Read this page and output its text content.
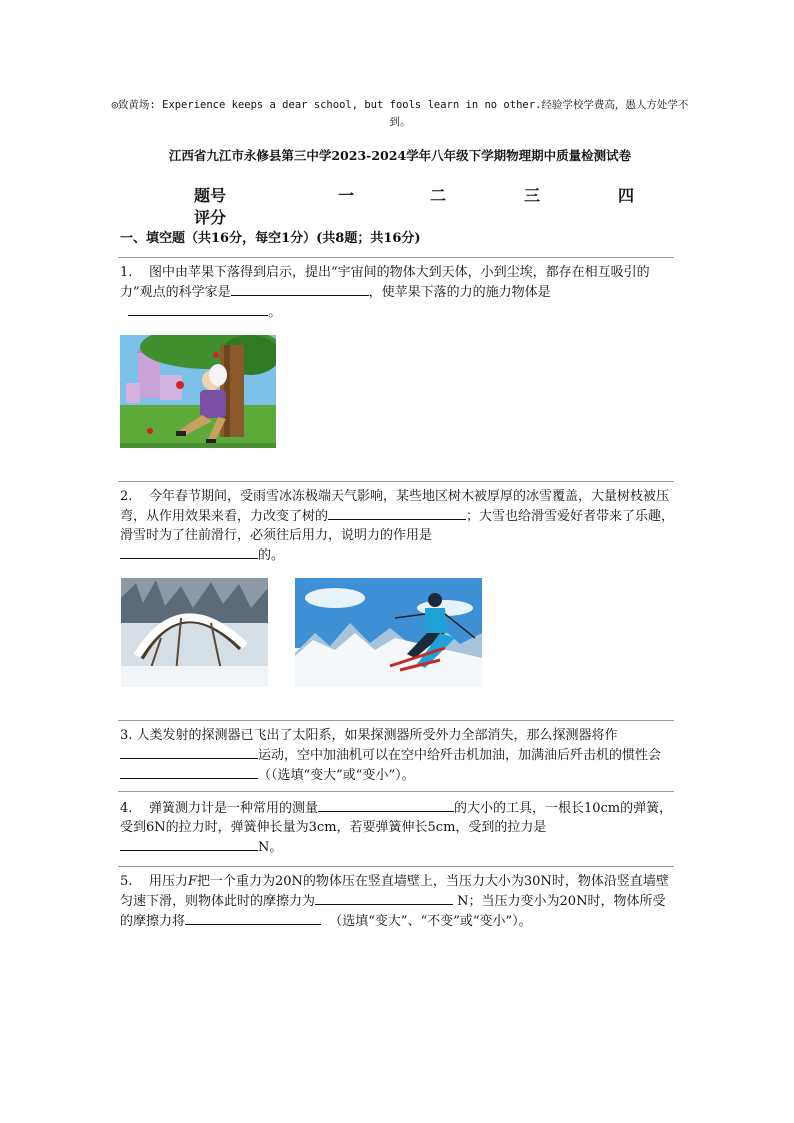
◎致黄场: Experience keeps a dear school, but fools learn in no other.经验学校学费高，愚人方处学不到。
江西省九江市永修县第三中学2023-2024学年八年级下学期物理期中质量检测试卷
题号	一	二	三	四
评分
一、填空题（共16分，每空1分）(共8题；共16分)
1. 图中由苹果下落得到启示，提出“宇宙间的物体大到天体，小到尘埃，都存在相互吸引的力”观点的科学家是	，使苹果下落的力的施力物体是
。
2. 今年春节期间，受雨雪冰冻极端天气影响，某些地区树木被厚厚的冰雪覆盖，大量树枝被压弯，从作用效果来看，力改变了树的	；大雪也给滑雪爱好者带来了乐趣，滑雪时为了往前滑行，必须往后用力，说明力的作用是
的。
3. 人类发射的探测器已飞出了太阳系，如果探测器所受外力全部消失，那么探测器将作
运动，空中加油机可以在空中给歼击机加油，加满油后歼击机的惯性会（（选填“变大”或“变小”）。
4. 弹簧测力计是一种常用的测量	的大小的工具，一根长10cm的弹簧，受到6N的拉力时，弹簧伸长量为3cm，若要弹簧伸长5cm，受到的拉力是
N。
5. 用压力F把一个重力为20N的物体压在竖直墙壁上，当压力大小为30N时，物体沿竖直墙壁匀速下滑，则物体此时的摩擦力为	N；当压力变小为20N时，物体所受的摩擦力将	（选填“变大”、“不变”或“变小”）。
